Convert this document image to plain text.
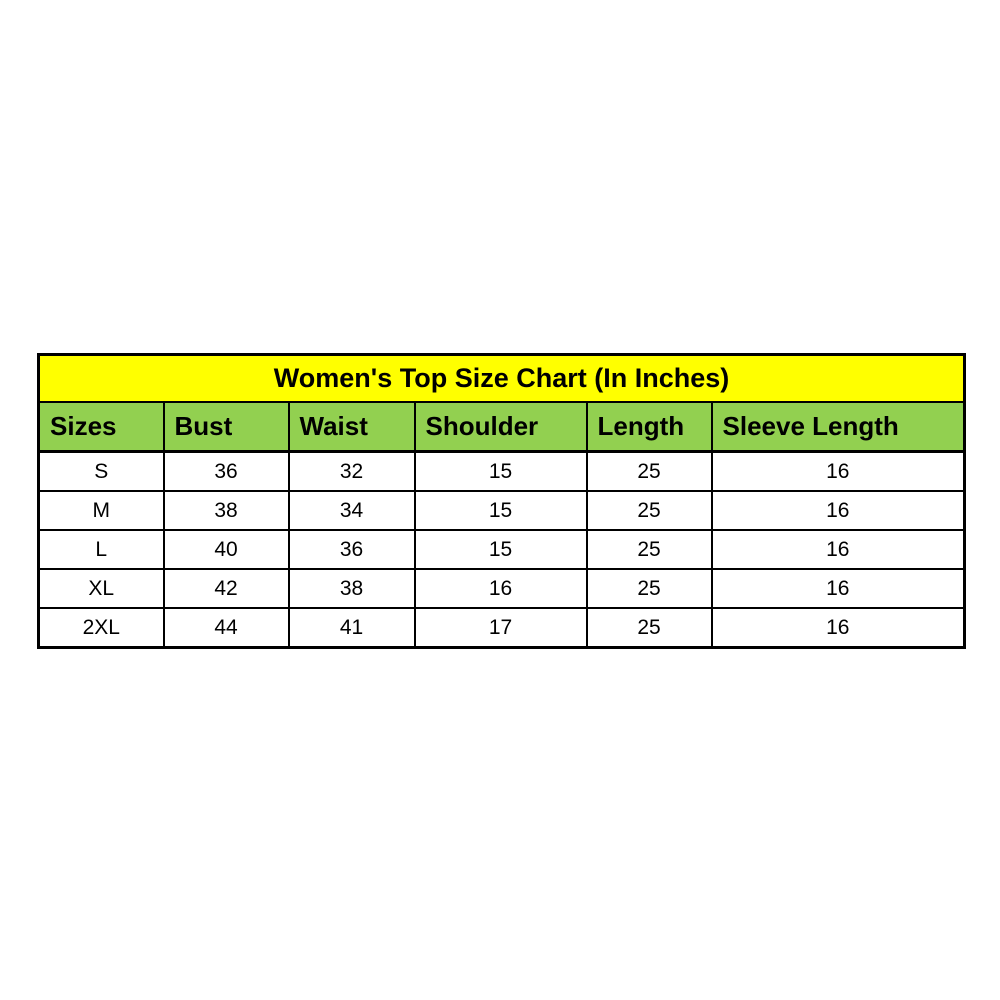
Women's Top Size Chart (In Inches)					
Sizes	Bust	Waist	Shoulder	Length	Sleeve Length
S	36	32	15	25	16
M	38	34	15	25	16
L	40	36	15	25	16
XL	42	38	16	25	16
2XL	44	41	17	25	16
